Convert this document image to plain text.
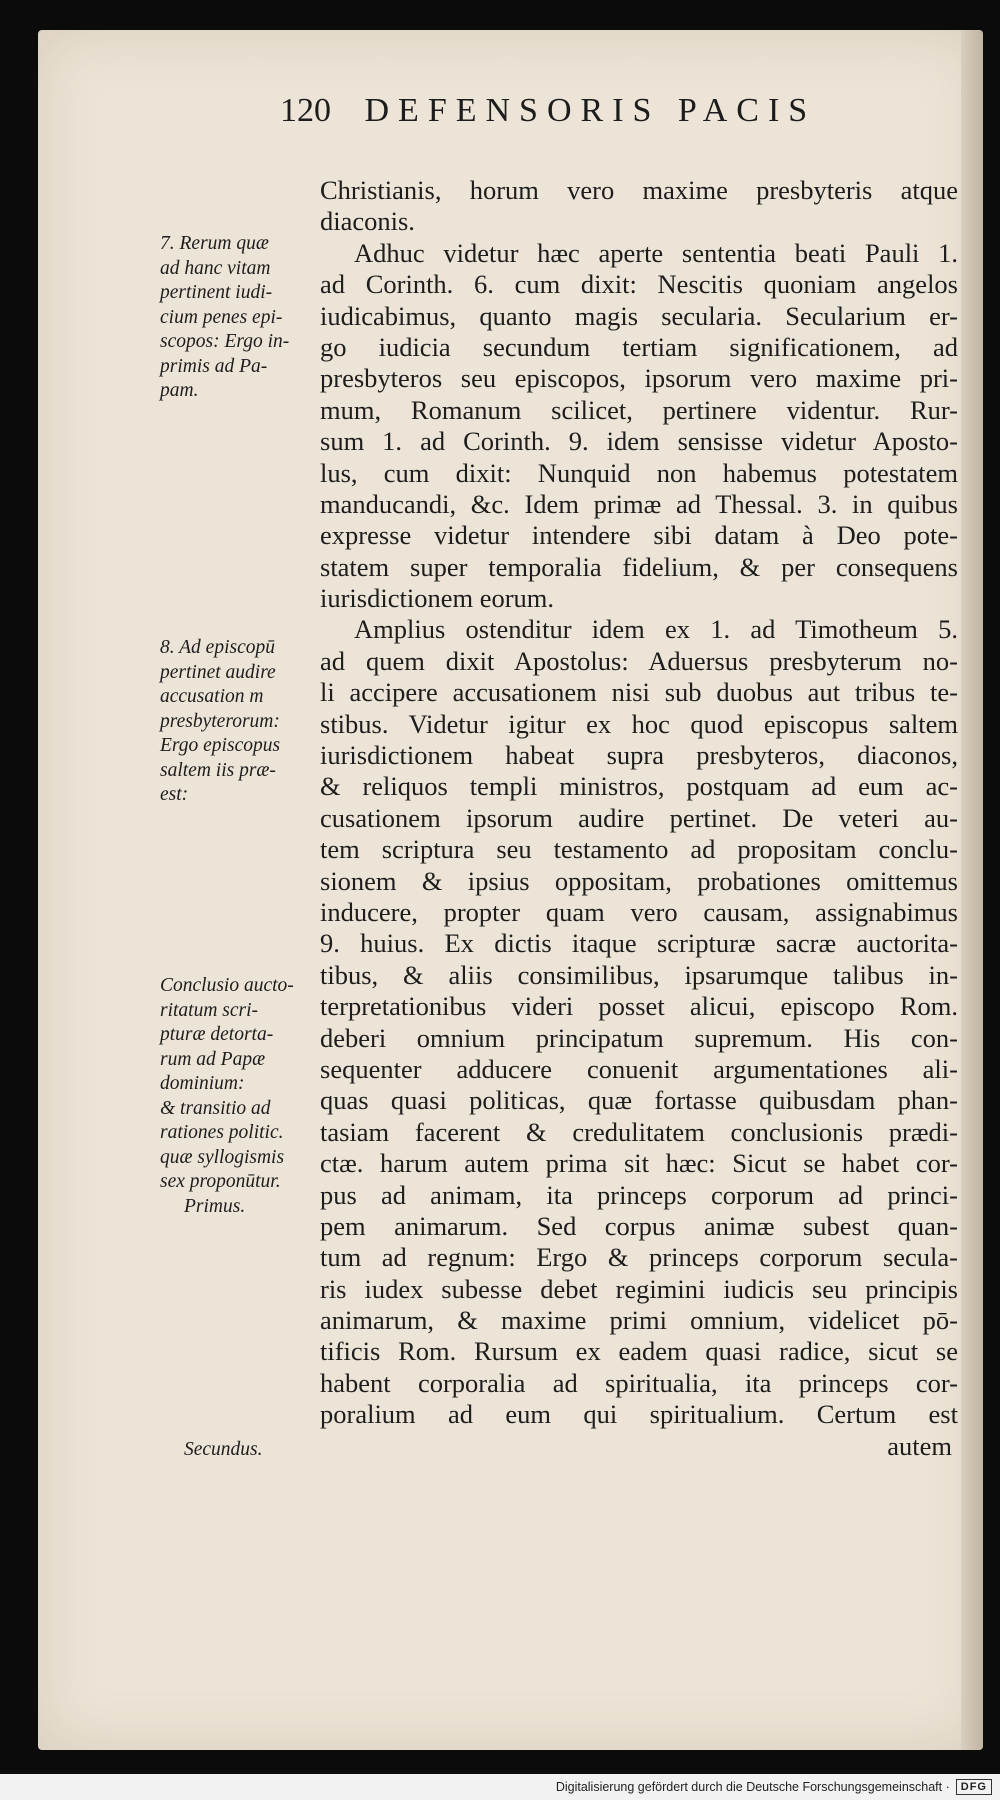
120 DEFENSORIS PACIS
Christianis, horum vero maxime presbyteris atque
diaconis.
Adhuc videtur hæc aperte sententia beati Pauli 1.
ad Corinth. 6. cum dixit: Nescitis quoniam angelos
iudicabimus, quanto magis secularia. Secularium er-
go iudicia secundum tertiam significationem, ad
presbyteros seu episcopos, ipsorum vero maxime pri-
mum, Romanum scilicet, pertinere videntur. Rur-
sum 1. ad Corinth. 9. idem sensisse videtur Aposto-
lus, cum dixit: Nunquid non habemus potestatem
manducandi, &c. Idem primæ ad Thessal. 3. in quibus
expresse videtur intendere sibi datam à Deo pote-
statem super temporalia fidelium, & per consequens
iurisdictionem eorum.
Amplius ostenditur idem ex 1. ad Timotheum 5.
ad quem dixit Apostolus: Aduersus presbyterum no-
li accipere accusationem nisi sub duobus aut tribus te-
stibus. Videtur igitur ex hoc quod episcopus saltem
iurisdictionem habeat supra presbyteros, diaconos,
& reliquos templi ministros, postquam ad eum ac-
cusationem ipsorum audire pertinet. De veteri au-
tem scriptura seu testamento ad propositam conclu-
sionem & ipsius oppositam, probationes omittemus
inducere, propter quam vero causam, assignabimus
9. huius. Ex dictis itaque scripturæ sacræ auctorita-
tibus, & aliis consimilibus, ipsarumque talibus in-
terpretationibus videri posset alicui, episcopo Rom.
deberi omnium principatum supremum. His con-
sequenter adducere conuenit argumentationes ali-
quas quasi politicas, quæ fortasse quibusdam phan-
tasiam facerent & credulitatem conclusionis prædi-
ctæ. harum autem prima sit hæc: Sicut se habet cor-
pus ad animam, ita princeps corporum ad princi-
pem animarum. Sed corpus animæ subest quan-
tum ad regnum: Ergo & princeps corporum secula-
ris iudex subesse debet regimini iudicis seu principis
animarum, & maxime primi omnium, videlicet pō-
tificis Rom. Rursum ex eadem quasi radice, sicut se
habent corporalia ad spiritualia, ita princeps cor-
poralium ad eum qui spiritualium. Certum est
autem
7. Rerum quæ
ad hanc vitam
pertinent iudi-
cium penes epi-
scopos: Ergo in-
primis ad Pa-
pam.
8. Ad episcopū
pertinet audire
accusation m
presbyterorum:
Ergo episcopus
saltem iis præ-
est:
Conclusio aucto-
ritatum scri-
pturæ detorta-
rum ad Papæ
dominium:
& transitio ad
rationes politic.
quæ syllogismis
sex proponūtur.
Primus.
Secundus.
Digitalisierung gefördert durch die Deutsche Forschungsgemeinschaft ·	DFG
